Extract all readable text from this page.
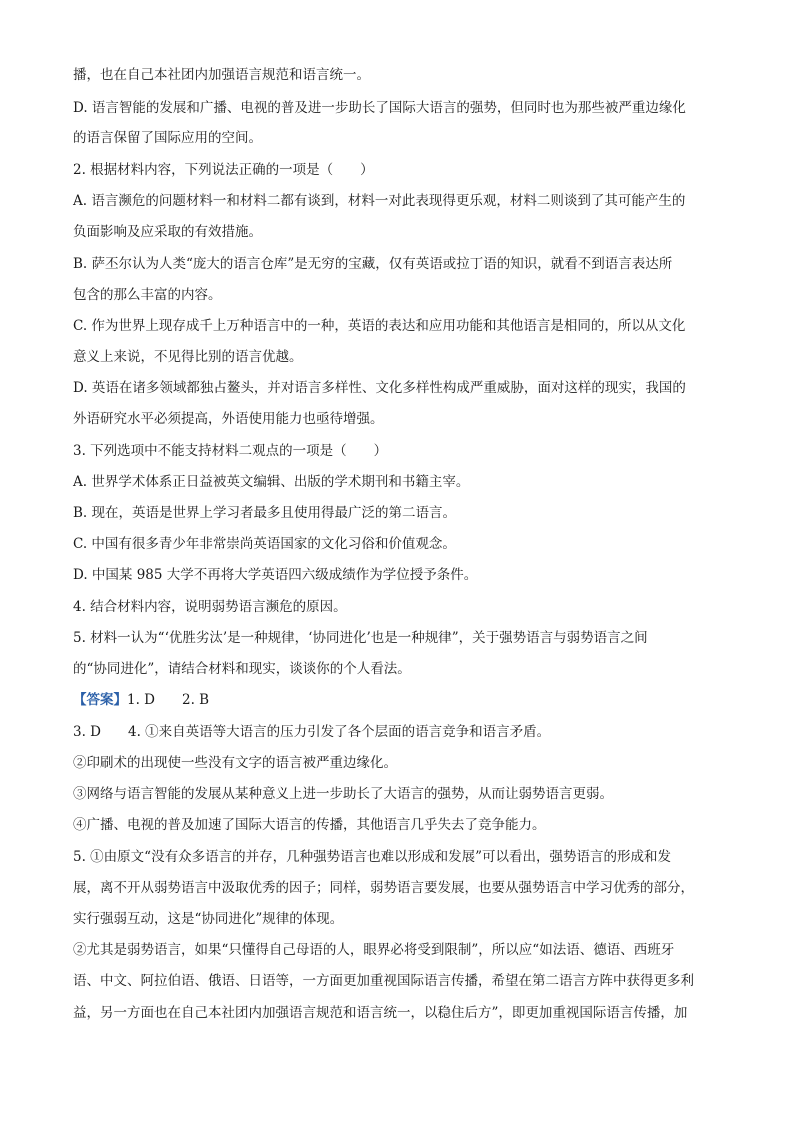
播，也在自己本社团内加强语言规范和语言统一。
D. 语言智能的发展和广播、电视的普及进一步助长了国际大语言的强势，但同时也为那些被严重边缘化
的语言保留了国际应用的空间。
2. 根据材料内容，下列说法正确的一项是（　　）
A. 语言濒危的问题材料一和材料二都有谈到，材料一对此表现得更乐观，材料二则谈到了其可能产生的
负面影响及应采取的有效措施。
B. 萨丕尔认为人类“庞大的语言仓库”是无穷的宝藏，仅有英语或拉丁语的知识，就看不到语言表达所
包含的那么丰富的内容。
C. 作为世界上现存成千上万种语言中的一种，英语的表达和应用功能和其他语言是相同的，所以从文化
意义上来说，不见得比别的语言优越。
D. 英语在诸多领域都独占鳌头，并对语言多样性、文化多样性构成严重威胁，面对这样的现实，我国的
外语研究水平必须提高，外语使用能力也亟待增强。
3. 下列选项中不能支持材料二观点的一项是（　　）
A. 世界学术体系正日益被英文编辑、出版的学术期刊和书籍主宰。
B. 现在，英语是世界上学习者最多且使用得最广泛的第二语言。
C. 中国有很多青少年非常崇尚英语国家的文化习俗和价值观念。
D. 中国某 985 大学不再将大学英语四六级成绩作为学位授予条件。
4. 结合材料内容，说明弱势语言濒危的原因。
5. 材料一认为“‘优胜劣汰’是一种规律，‘协同进化’也是一种规律”，关于强势语言与弱势语言之间
的“协同进化”，请结合材料和现实，谈谈你的个人看法。
【答案】1. D　　2. B
3. D　　4. ①来自英语等大语言的压力引发了各个层面的语言竞争和语言矛盾。
②印刷术的出现使一些没有文字的语言被严重边缘化。
③网络与语言智能的发展从某种意义上进一步助长了大语言的强势，从而让弱势语言更弱。
④广播、电视的普及加速了国际大语言的传播，其他语言几乎失去了竞争能力。
5. ①由原文“没有众多语言的并存，几种强势语言也难以形成和发展”可以看出，强势语言的形成和发
展，离不开从弱势语言中汲取优秀的因子；同样，弱势语言要发展，也要从强势语言中学习优秀的部分，
实行强弱互动，这是“协同进化”规律的体现。
②尤其是弱势语言，如果“只懂得自己母语的人，眼界必将受到限制”，所以应“如法语、德语、西班牙
语、中文、阿拉伯语、俄语、日语等，一方面更加重视国际语言传播，希望在第二语言方阵中获得更多利
益，另一方面也在自己本社团内加强语言规范和语言统一，以稳住后方”，即更加重视国际语言传播，加
